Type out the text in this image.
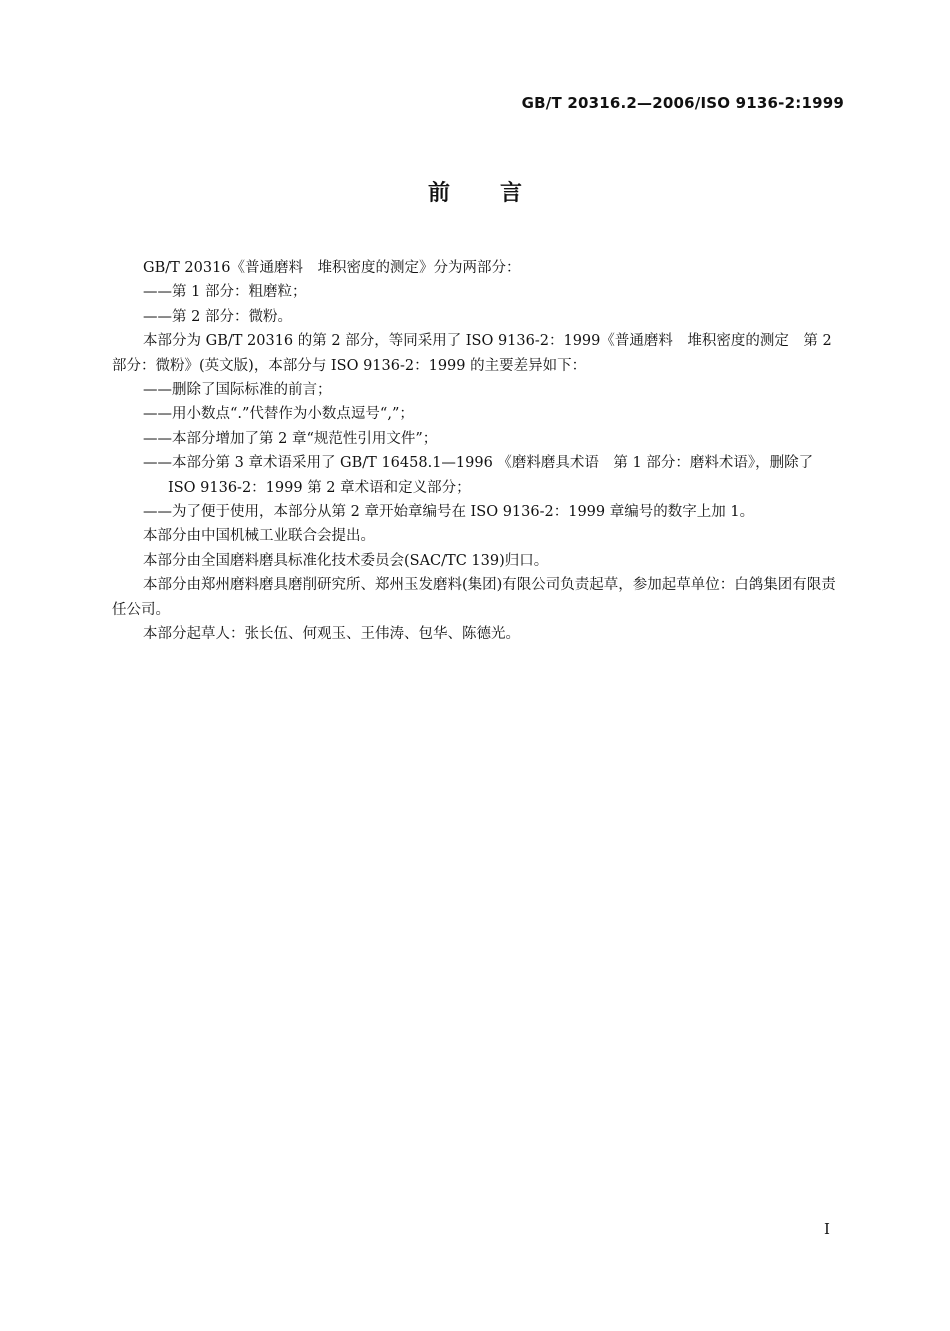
GB/T 20316.2—2006/ISO 9136-2:1999
前言

GB/T 20316《普通磨料　堆积密度的测定》分为两部分：

——第 1 部分：粗磨粒；

——第 2 部分：微粉。

本部分为 GB/T 20316 的第 2 部分，等同采用了 ISO 9136-2：1999《普通磨料　堆积密度的测定　第 2 部分：微粉》(英文版)，本部分与 ISO 9136-2：1999 的主要差异如下：

——删除了国际标准的前言；

——用小数点“.”代替作为小数点逗号“,”；

——本部分增加了第 2 章“规范性引用文件”；

——本部分第 3 章术语采用了 GB/T 16458.1—1996 《磨料磨具术语　第 1 部分：磨料术语》，删除了 ISO 9136-2：1999 第 2 章术语和定义部分；

——为了便于使用，本部分从第 2 章开始章编号在 ISO 9136-2：1999 章编号的数字上加 1。

本部分由中国机械工业联合会提出。

本部分由全国磨料磨具标准化技术委员会(SAC/TC 139)归口。

本部分由郑州磨料磨具磨削研究所、郑州玉发磨料(集团)有限公司负责起草，参加起草单位：白鸽集团有限责任公司。

本部分起草人：张长伍、何观玉、王伟涛、包华、陈德光。

I
